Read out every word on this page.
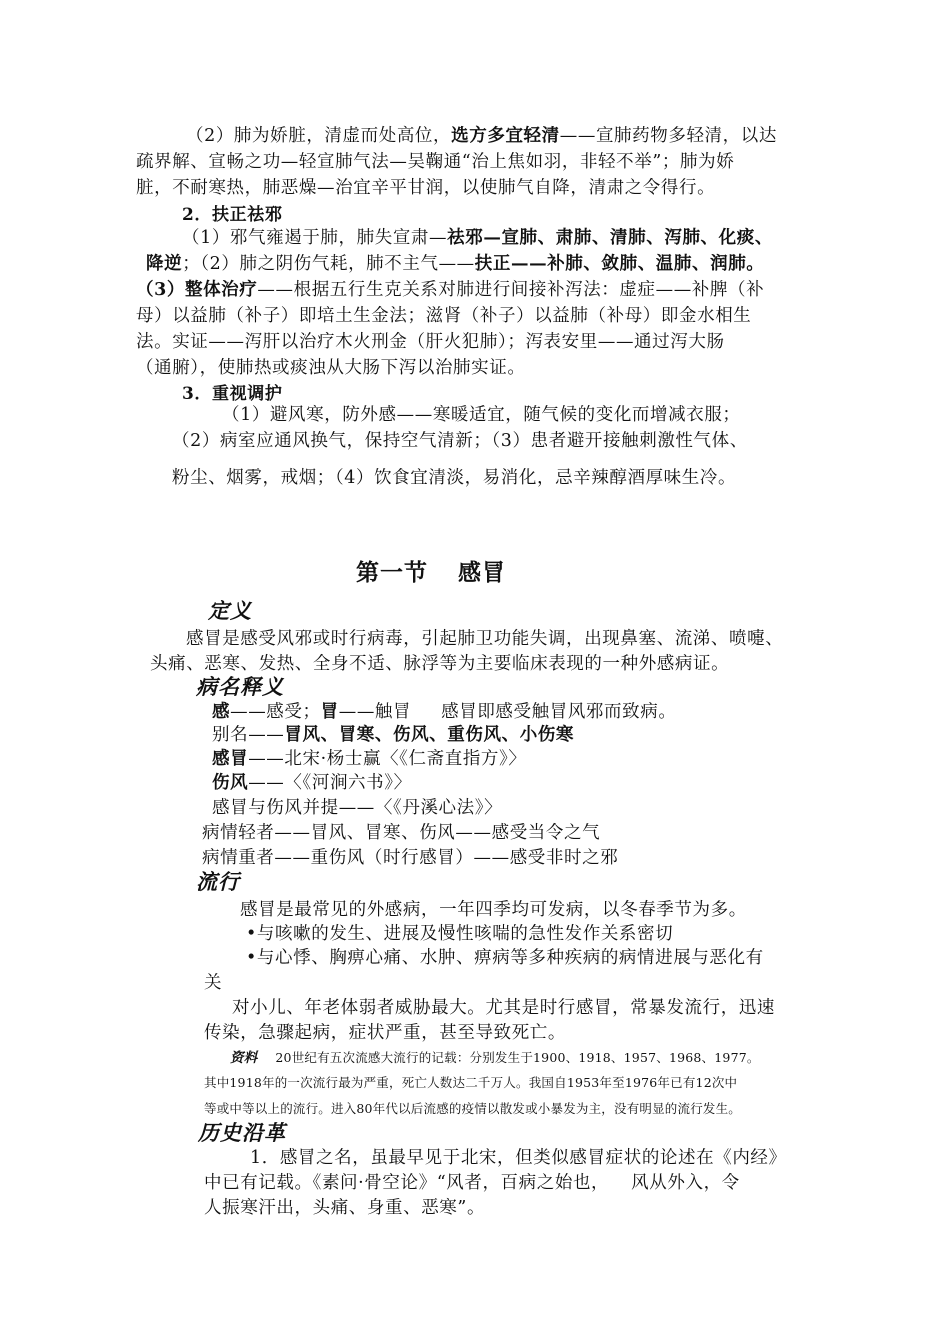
（2）肺为娇脏，清虚而处高位，选方多宜轻清——宣肺药物多轻清，以达
疏界解、宣畅之功—轻宣肺气法—吴鞠通“治上焦如羽，非轻不举”；肺为娇
脏，不耐寒热，肺恶燥—治宜辛平甘润，以使肺气自降，清肃之令得行。
2．扶正祛邪
（1）邪气雍遏于肺，肺失宣肃—祛邪—宣肺、肃肺、清肺、泻肺、化痰、
降逆；（2）肺之阴伤气耗，肺不主气——扶正——补肺、敛肺、温肺、润肺。
（3）整体治疗——根据五行生克关系对肺进行间接补泻法：虚症——补脾（补
母）以益肺（补子）即培土生金法；滋肾（补子）以益肺（补母）即金水相生
法。实证——泻肝以治疗木火刑金（肝火犯肺）；泻表安里——通过泻大肠
（通腑），使肺热或痰浊从大肠下泻以治肺实证。
3．重视调护
（1）避风寒，防外感——寒暖适宜，随气候的变化而增减衣服；
（2）病室应通风换气，保持空气清新；（3）患者避开接触刺激性气体、
粉尘、烟雾，戒烟；（4）饮食宜清淡，易消化，忌辛辣醇酒厚味生冷。
第一节 感冒
定义
感冒是感受风邪或时行病毒，引起肺卫功能失调，出现鼻塞、流涕、喷嚏、
头痛、恶寒、发热、全身不适、脉浮等为主要临床表现的一种外感病证。
病名释义
感——感受；冒——触冒 感冒即感受触冒风邪而致病。
别名——冒风、冒寒、伤风、重伤风、小伤寒
感冒——北宋·杨士赢〈《仁斋直指方》〉
伤风——〈《河涧六书》〉
感冒与伤风并提——〈《丹溪心法》〉
病情轻者——冒风、冒寒、伤风——感受当令之气
病情重者——重伤风（时行感冒）——感受非时之邪
流行
感冒是最常见的外感病，一年四季均可发病，以冬春季节为多。
•与咳嗽的发生、进展及慢性咳喘的急性发作关系密切
•与心悸、胸痹心痛、水肿、痹病等多种疾病的病情进展与恶化有
关
对小儿、年老体弱者威胁最大。尤其是时行感冒，常暴发流行，迅速
传染，急骤起病，症状严重，甚至导致死亡。
资料 20世纪有五次流感大流行的记载：分别发生于1900、1918、1957、1968、1977。
其中1918年的一次流行最为严重，死亡人数达二千万人。我国自1953年至1976年已有12次中
等或中等以上的流行。进入80年代以后流感的疫情以散发或小暴发为主，没有明显的流行发生。
历史沿革
1．感冒之名，虽最早见于北宋，但类似感冒症状的论述在《内经》
中已有记载。《素问·骨空论》“风者，百病之始也， 风从外入，令
人振寒汗出，头痛、身重、恶寒”。
